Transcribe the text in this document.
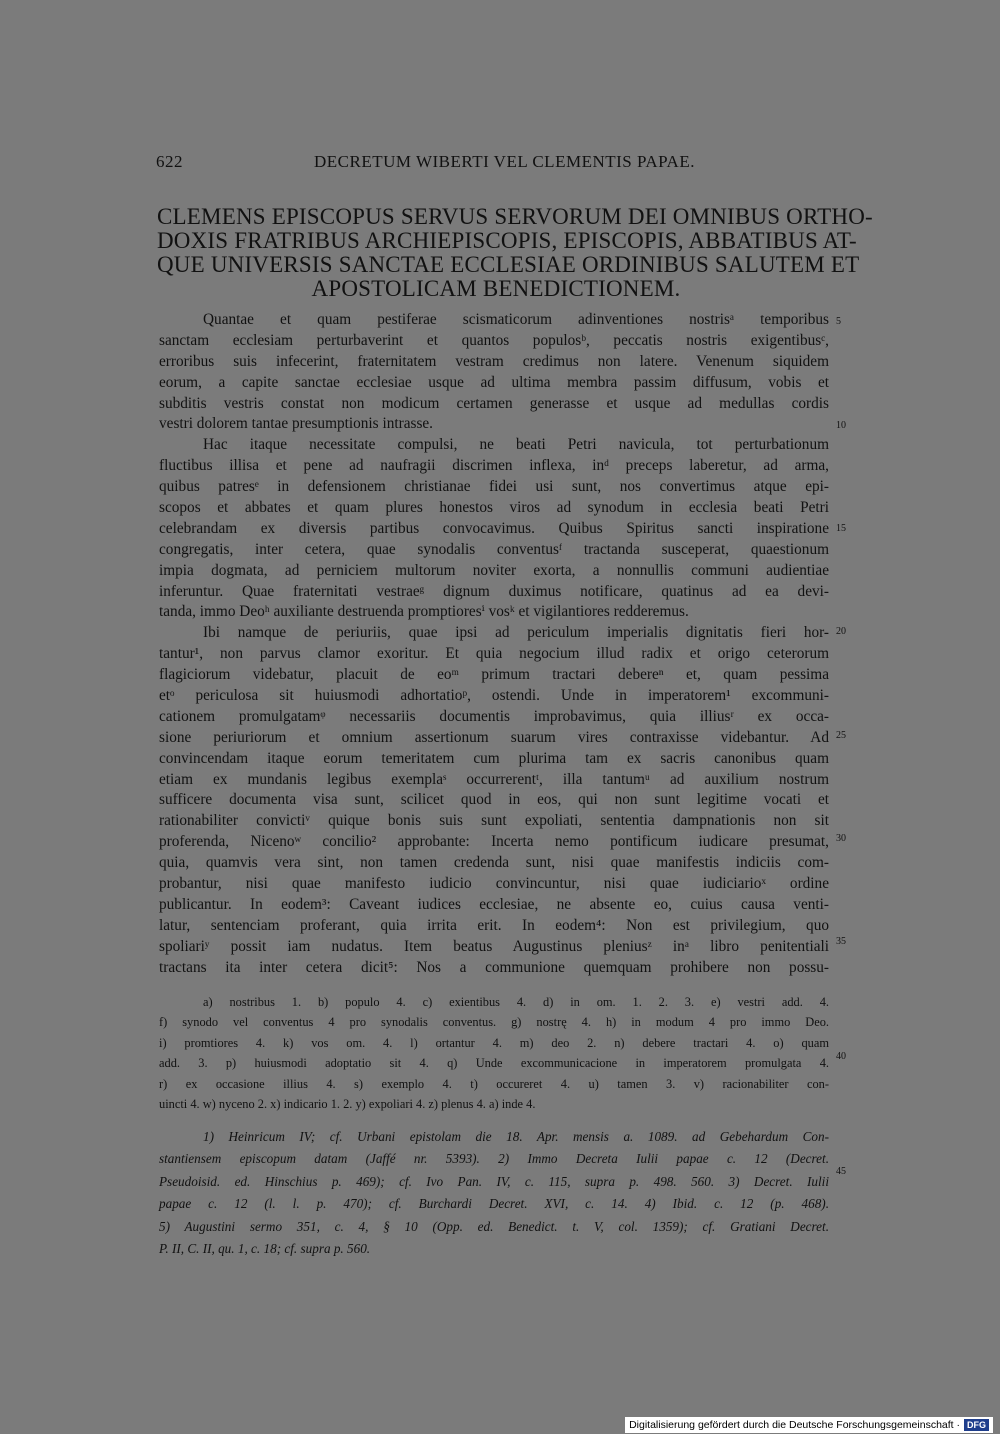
622	DECRETUM WIBERTI VEL CLEMENTIS PAPAE.
CLEMENS EPISCOPUS SERVUS SERVORUM DEI OMNIBUS ORTHO-
DOXIS FRATRIBUS ARCHIEPISCOPIS, EPISCOPIS, ABBATIBUS AT-
QUE UNIVERSIS SANCTAE ECCLESIAE ORDINIBUS SALUTEM ET
APOSTOLICAM BENEDICTIONEM.
Quantae et quam pestiferae scismaticorum adinventiones nostrisᵃ temporibus
sanctam ecclesiam perturbaverint et quantos populosᵇ, peccatis nostris exigentibusᶜ,
erroribus suis infecerint, fraternitatem vestram credimus non latere. Venenum siquidem
eorum, a capite sanctae ecclesiae usque ad ultima membra passim diffusum, vobis et
subditis vestris constat non modicum certamen generasse et usque ad medullas cordis
vestri dolorem tantae presumptionis intrasse.
Hac itaque necessitate compulsi, ne beati Petri navicula, tot perturbationum
fluctibus illisa et pene ad naufragii discrimen inflexa, inᵈ preceps laberetur, ad arma,
quibus patresᵉ in defensionem christianae fidei usi sunt, nos convertimus atque epi-
scopos et abbates et quam plures honestos viros ad synodum in ecclesia beati Petri
celebrandam ex diversis partibus convocavimus. Quibus Spiritus sancti inspiratione
congregatis, inter cetera, quae synodalis conventusᶠ tractanda susceperat, quaestionum
impia dogmata, ad perniciem multorum noviter exorta, a nonnullis communi audientiae
inferuntur. Quae fraternitati vestraeᵍ dignum duximus notificare, quatinus ad ea devi-
tanda, immo Deoʰ auxiliante destruenda promptioresⁱ vosᵏ et vigilantiores redderemus.
Ibi namque de periuriis, quae ipsi ad periculum imperialis dignitatis fieri hor-
tantur¹, non parvus clamor exoritur. Et quia negocium illud radix et origo ceterorum
flagiciorum videbatur, placuit de eoᵐ primum tractari debereⁿ et, quam pessima
etᵒ periculosa sit huiusmodi adhortatioᵖ, ostendi. Unde in imperatorem¹ excommuni-
cationem promulgatamᵠ necessariis documentis improbavimus, quia illiusʳ ex occa-
sione periuriorum et omnium assertionum suarum vires contraxisse videbantur. Ad
convincendam itaque eorum temeritatem cum plurima tam ex sacris canonibus quam
etiam ex mundanis legibus exemplaˢ occurrerentᵗ, illa tantumᵘ ad auxilium nostrum
sufficere documenta visa sunt, scilicet quod in eos, qui non sunt legitime vocati et
rationabiliter convictiᵛ quique bonis suis sunt expoliati, sententia dampnationis non sit
proferenda, Nicenoʷ concilio² approbante: Incerta nemo pontificum iudicare presumat,
quia, quamvis vera sint, non tamen credenda sunt, nisi quae manifestis indiciis com-
probantur, nisi quae manifesto iudicio convincuntur, nisi quae iudiciarioˣ ordine
publicantur. In eodem³: Caveant iudices ecclesiae, ne absente eo, cuius causa venti-
latur, sentenciam proferant, quia irrita erit. In eodem⁴: Non est privilegium, quo
spoliariʸ possit iam nudatus. Item beatus Augustinus pleniusᶻ inᵃ libro penitentiali
tractans ita inter cetera dicit⁵: Nos a communione quemquam prohibere non possu-
5
10
15
20
25
30
35
40
45
a) nostribus 1. b) populo 4. c) exientibus 4. d) in om. 1. 2. 3. e) vestri add. 4.
f) synodo vel conventus 4 pro synodalis conventus. g) nostrę 4. h) in modum 4 pro immo Deo.
i) promtiores 4. k) vos om. 4. l) ortantur 4. m) deo 2. n) debere tractari 4. o) quam
add. 3. p) huiusmodi adoptatio sit 4. q) Unde excommunicacione in imperatorem promulgata 4.
r) ex occasione illius 4. s) exemplo 4. t) occureret 4. u) tamen 3. v) racionabiliter con-
uincti 4. w) nyceno 2. x) indicario 1. 2. y) expoliari 4. z) plenus 4. a) inde 4.
1) Heinricum IV; cf. Urbani epistolam die 18. Apr. mensis a. 1089. ad Gebehardum Con-
stantiensem episcopum datam (Jaffé nr. 5393). 2) Immo Decreta Iulii papae c. 12 (Decret.
Pseudoisid. ed. Hinschius p. 469); cf. Ivo Pan. IV, c. 115, supra p. 498. 560. 3) Decret. Iulii
papae c. 12 (l. l. p. 470); cf. Burchardi Decret. XVI, c. 14. 4) Ibid. c. 12 (p. 468).
5) Augustini sermo 351, c. 4, § 10 (Opp. ed. Benedict. t. V, col. 1359); cf. Gratiani Decret.
P. II, C. II, qu. 1, c. 18; cf. supra p. 560.
Digitalisierung gefördert durch die Deutsche Forschungsgemeinschaft · DFG
